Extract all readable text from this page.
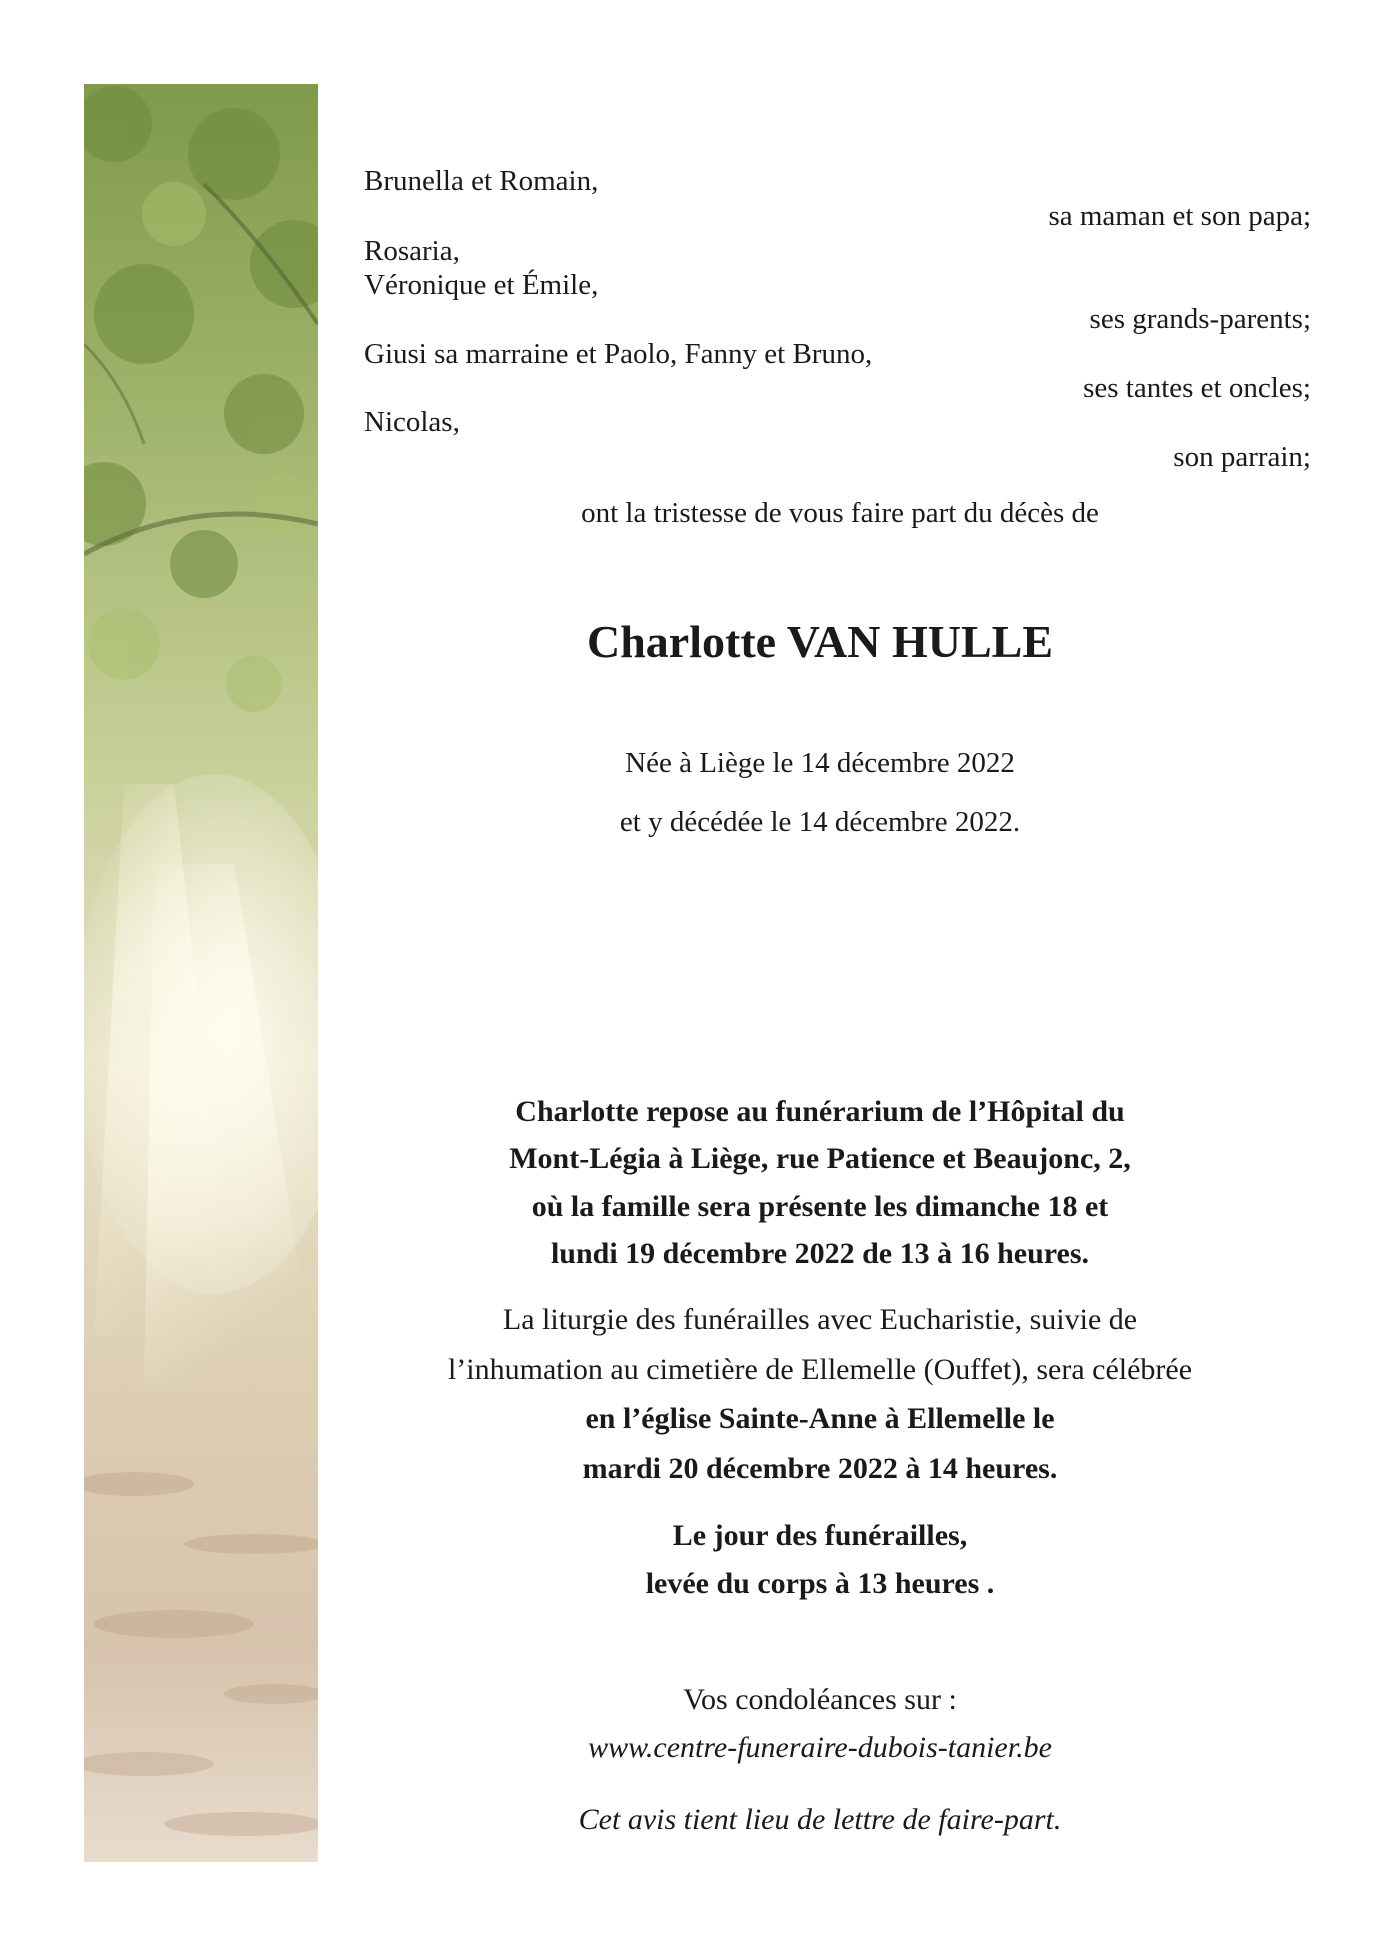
Brunella et Romain,
sa maman et son papa;
Rosaria,
Véronique et Émile,
ses grands-parents;
Giusi sa marraine et Paolo, Fanny et Bruno,
ses tantes et oncles;
Nicolas,
son parrain;
ont la tristesse de vous faire part du décès de
Charlotte VAN HULLE
Née à Liège le 14 décembre 2022
et y décédée le 14 décembre 2022.
Charlotte repose au funérarium de l’Hôpital du
Mont-Légia à Liège, rue Patience et Beaujonc, 2,
où la famille sera présente les dimanche 18 et
lundi 19 décembre 2022 de 13 à 16 heures.
La liturgie des funérailles avec Eucharistie, suivie de
l’inhumation au cimetière de Ellemelle (Ouffet), sera célébrée
en l’église Sainte-Anne à Ellemelle le
mardi 20 décembre 2022 à 14 heures.
Le jour des funérailles,
levée du corps à 13 heures .
Vos condoléances sur :
www.centre-funeraire-dubois-tanier.be
Cet avis tient lieu de lettre de faire-part.
